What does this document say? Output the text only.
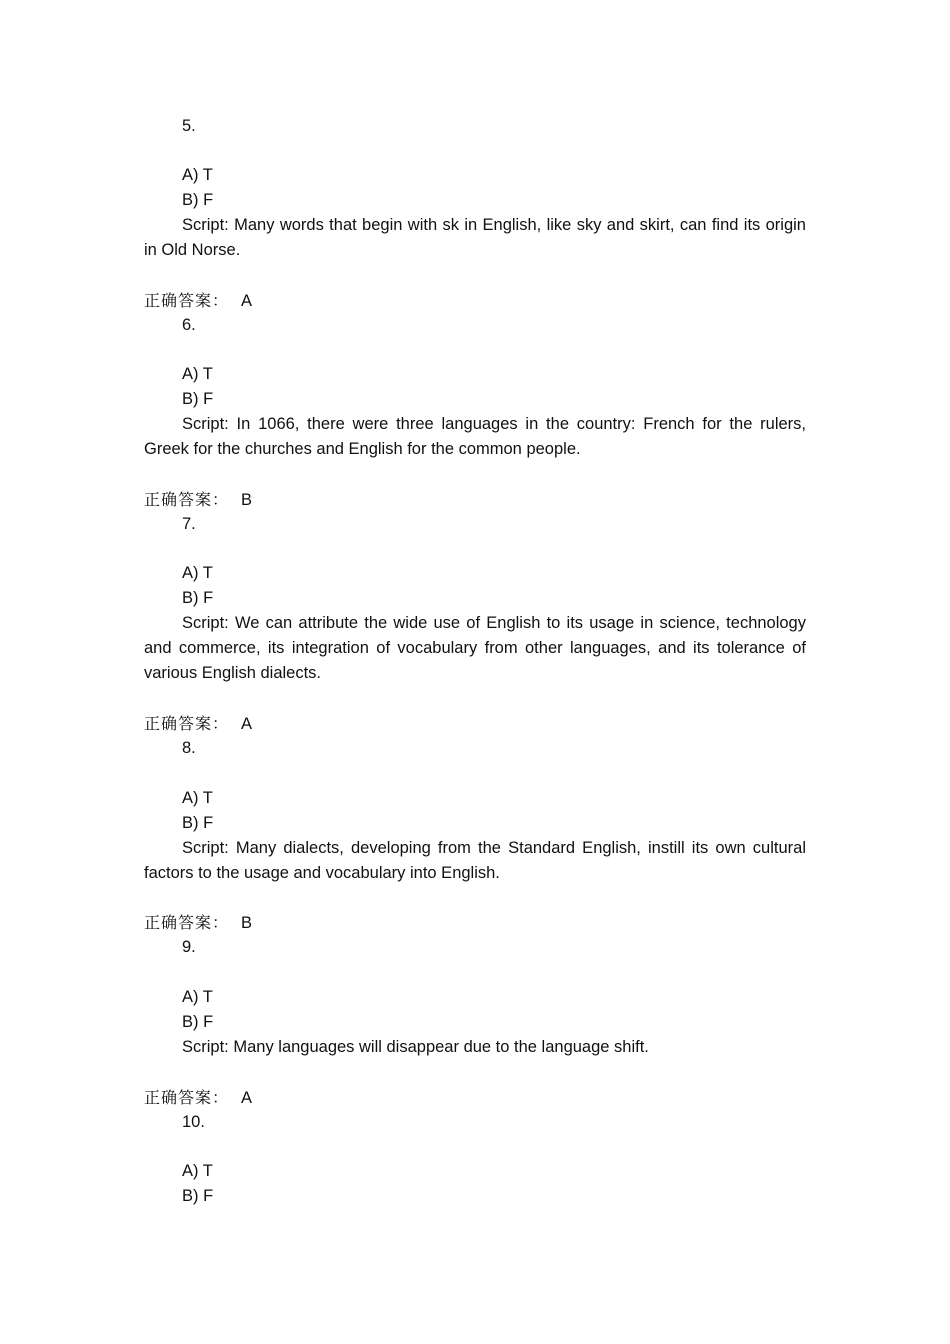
5.
A) T
B) F
Script: Many words that begin with sk in English, like sky and skirt, can find its origin in Old Norse.
正确答案： A
6.
A) T
B) F
Script: In 1066, there were three languages in the country: French for the rulers, Greek for the churches and English for the common people.
正确答案： B
7.
A) T
B) F
Script: We can attribute the wide use of English to its usage in science, technology and commerce, its integration of vocabulary from other languages, and its tolerance of various English dialects.
正确答案： A
8.
A) T
B) F
Script: Many dialects, developing from the Standard English, instill its own cultural factors to the usage and vocabulary into English.
正确答案： B
9.
A) T
B) F
Script: Many languages will disappear due to the language shift.
正确答案： A
10.
A) T
B) F
